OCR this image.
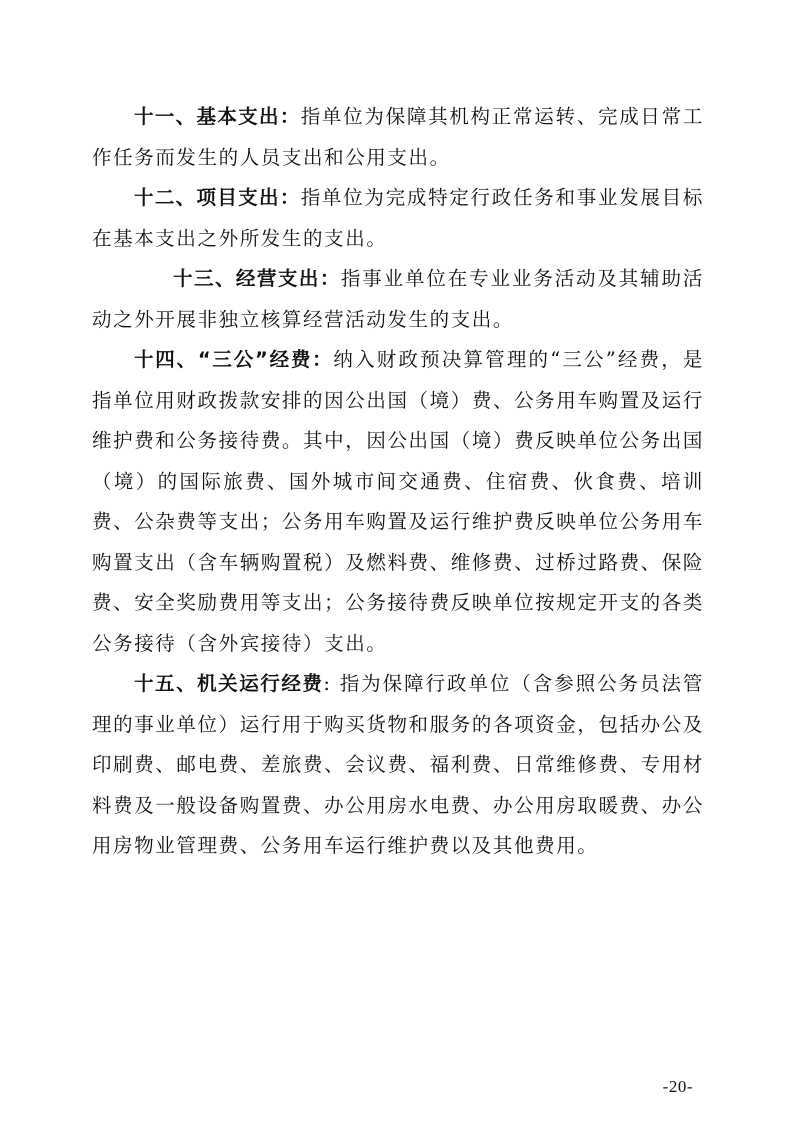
十一、基本支出：指单位为保障其机构正常运转、完成日常工作任务而发生的人员支出和公用支出。

十二、项目支出：指单位为完成特定行政任务和事业发展目标在基本支出之外所发生的支出。

十三、经营支出：指事业单位在专业业务活动及其辅助活动之外开展非独立核算经营活动发生的支出。

十四、“三公”经费：纳入财政预决算管理的“三公”经费，是指单位用财政拨款安排的因公出国（境）费、公务用车购置及运行维护费和公务接待费。其中，因公出国（境）费反映单位公务出国（境）的国际旅费、国外城市间交通费、住宿费、伙食费、培训费、公杂费等支出；公务用车购置及运行维护费反映单位公务用车购置支出（含车辆购置税）及燃料费、维修费、过桥过路费、保险费、安全奖励费用等支出；公务接待费反映单位按规定开支的各类公务接待（含外宾接待）支出。

十五、机关运行经费: 指为保障行政单位（含参照公务员法管理的事业单位）运行用于购买货物和服务的各项资金，包括办公及印刷费、邮电费、差旅费、会议费、福利费、日常维修费、专用材料费及一般设备购置费、办公用房水电费、办公用房取暖费、办公用房物业管理费、公务用车运行维护费以及其他费用。

-20-
